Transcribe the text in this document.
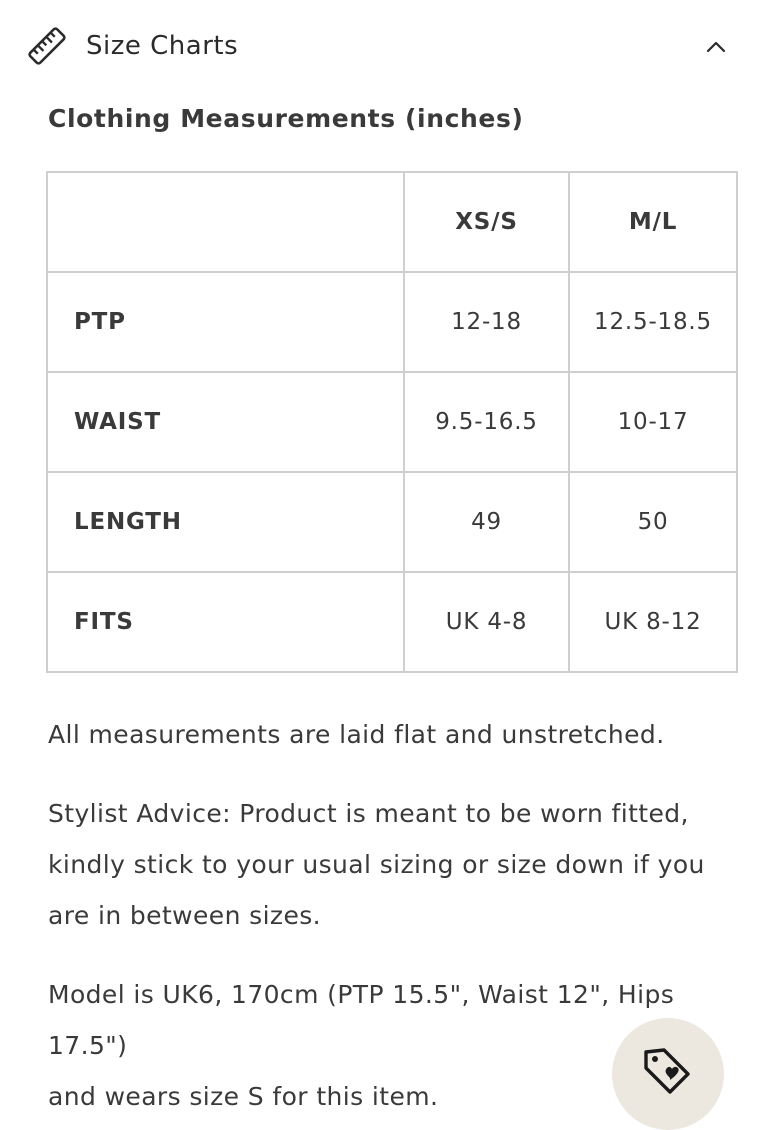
Size Charts
Clothing Measurements (inches)
	XS/S	M/L
PTP	12-18	12.5-18.5
WAIST	9.5-16.5	10-17
LENGTH	49	50
FITS	UK 4-8	UK 8-12
All measurements are laid flat and unstretched.
Stylist Advice: Product is meant to be worn fitted,
kindly stick to your usual sizing or size down if you
are in between sizes.
Model is UK6, 170cm (PTP 15.5", Waist 12", Hips 17.5")
and wears size S for this item.
